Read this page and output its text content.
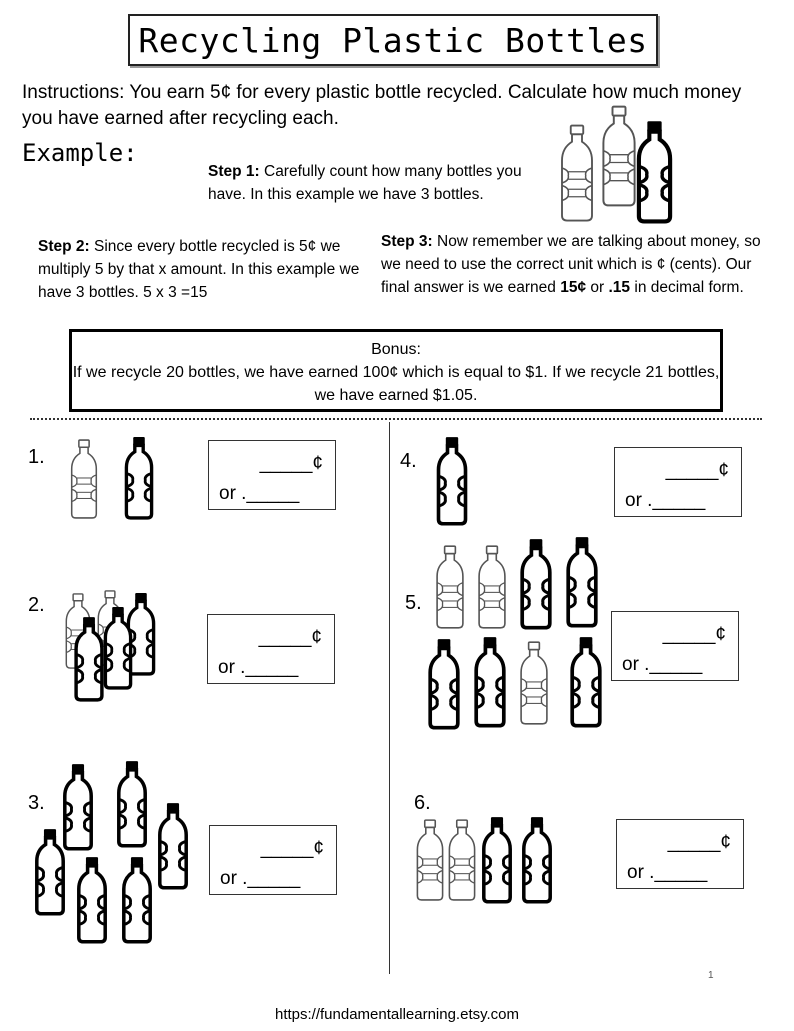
Recycling Plastic Bottles
Instructions: You earn 5¢ for every plastic bottle recycled. Calculate how much money you have earned after recycling each.
Example:
Step 1: Carefully count how many bottles you have. In this example we have 3 bottles.
Step 2: Since every bottle recycled is 5¢ we multiply 5 by that x amount. In this example we have 3 bottles. 5 x 3 =15
Step 3: Now remember we are talking about money, so we need to use the correct unit which is ¢ (cents). Our final answer is we earned 15¢ or .15 in decimal form.
Bonus:
If we recycle 20 bottles, we have earned 100¢ which is equal to $1. If we recycle 21 bottles, we have earned $1.05.
1.	_____¢
or ._____
2.
_____¢
or ._____
3.
_____¢
or ._____
4.	_____¢
or ._____
5.
_____¢
or ._____
6.
_____¢
or ._____
1
https://fundamentallearning.etsy.com
